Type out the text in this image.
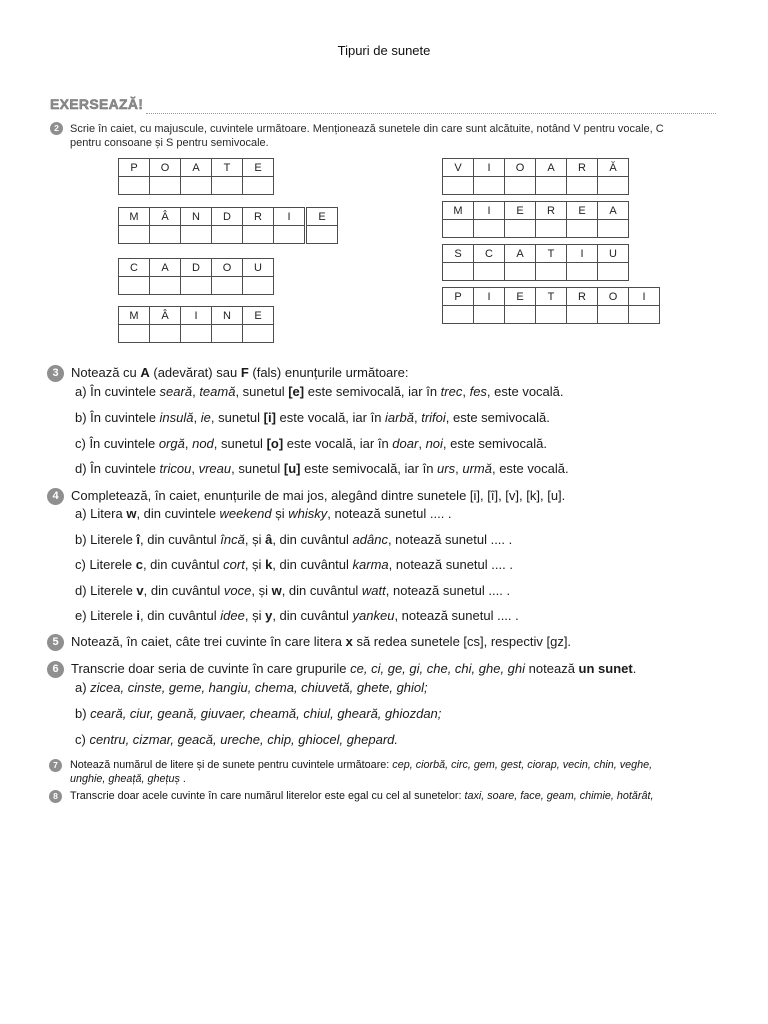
Tipuri de sunete
EXERSEAZĂ!
2	Scrie în caiet, cu majuscule, cuvintele următoare. Menționează sunetele din care sunt alcătuite, notând V pentru vocale, C
pentru consoane și S pentru semivocale.
P	O	A	T	E

M	Â	N	D	R	I	E

C	A	D	O	U

M	Â	I	N	E

V	I	O	A	R	Ă

M	I	E	R	E	A

S	C	A	T	I	U

P	I	E	T	R	O	I

3 Notează cu A (adevărat) sau F (fals) enunțurile următoare:
a) În cuvintele seară, teamă, sunetul [e] este semivocală, iar în trec, fes, este vocală.
b) În cuvintele insulă, ie, sunetul [i] este vocală, iar în iarbă, trifoi, este semivocală.
c) În cuvintele orgă, nod, sunetul [o] este vocală, iar în doar, noi, este semivocală.
d) În cuvintele tricou, vreau, sunetul [u] este semivocală, iar în urs, urmă, este vocală.
4 Completează, în caiet, enunțurile de mai jos, alegând dintre sunetele [i], [î], [v], [k], [u].
a) Litera w, din cuvintele weekend și whisky, notează sunetul .... .
b) Literele î, din cuvântul încă, și â, din cuvântul adânc, notează sunetul .... .
c) Literele c, din cuvântul cort, și k, din cuvântul karma, notează sunetul .... .
d) Literele v, din cuvântul voce, și w, din cuvântul watt, notează sunetul .... .
e) Literele i, din cuvântul idee, și y, din cuvântul yankeu, notează sunetul .... .
5 Notează, în caiet, câte trei cuvinte în care litera x să redea sunetele [cs], respectiv [gz].
6 Transcrie doar seria de cuvinte în care grupurile ce, ci, ge, gi, che, chi, ghe, ghi notează un sunet.
a) zicea, cinste, geme, hangiu, chema, chiuvetă, ghete, ghiol;
b) ceară, ciur, geană, giuvaer, cheamă, chiul, gheară, ghiozdan;
c) centru, cizmar, geacă, ureche, chip, ghiocel, ghepard.
7	Notează numărul de litere și de sunete pentru cuvintele următoare: cep, ciorbă, circ, gem, gest, ciorap, vecin, chin, veghe,
unghie, gheață, ghețuș .
8	Transcrie doar acele cuvinte în care numărul literelor este egal cu cel al sunetelor: taxi, soare, face, geam, chimie, hotărât,
